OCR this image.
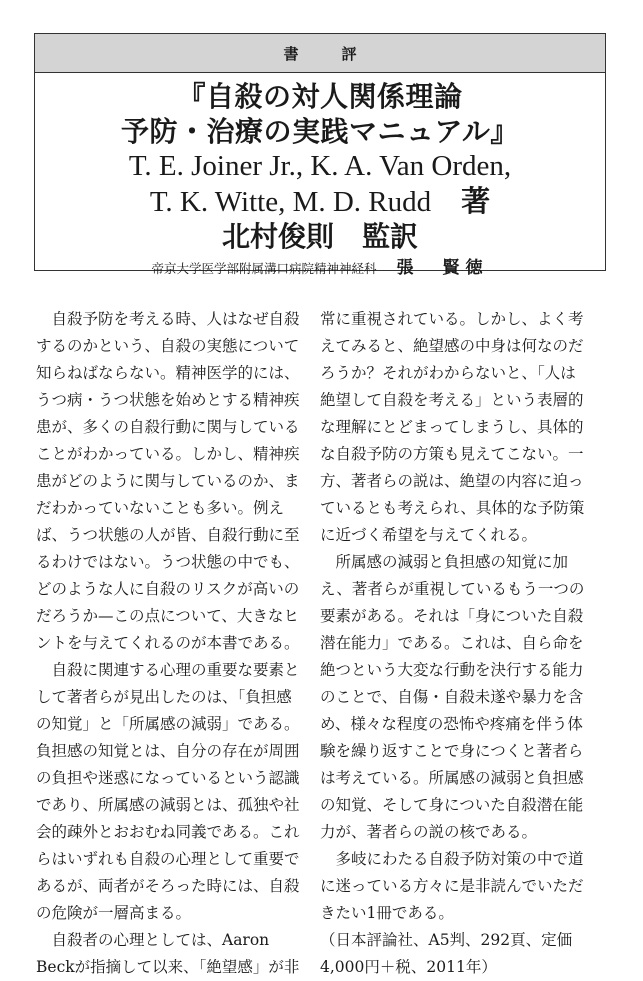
書　評
『自殺の対人関係理論
予防・治療の実践マニュアル』
T. E. Joiner Jr., K. A. Van Orden,
T. K. Witte, M. D. Rudd 著
北村俊則 監訳
帝京大学医学部附属溝口病院精神神経科 張　賢徳
　自殺予防を考える時、人はなぜ自殺
するのかという、自殺の実態について
知らねばならない。精神医学的には、
うつ病・うつ状態を始めとする精神疾
患が、多くの自殺行動に関与している
ことがわかっている。しかし、精神疾
患がどのように関与しているのか、ま
だわかっていないことも多い。例え
ば、うつ状態の人が皆、自殺行動に至
るわけではない。うつ状態の中でも、
どのような人に自殺のリスクが高いの
だろうか—この点について、大きなヒ
ントを与えてくれるのが本書である。
　自殺に関連する心理の重要な要素と
して著者らが見出したのは、「負担感
の知覚」と「所属感の減弱」である。
負担感の知覚とは、自分の存在が周囲
の負担や迷惑になっているという認識
であり、所属感の減弱とは、孤独や社
会的疎外とおおむね同義である。これ
らはいずれも自殺の心理として重要で
あるが、両者がそろった時には、自殺
の危険が一層高まる。
　自殺者の心理としては、Aaron
Beckが指摘して以来、「絶望感」が非
常に重視されている。しかし、よく考
えてみると、絶望感の中身は何なのだ
ろうか？それがわからないと、「人は
絶望して自殺を考える」という表層的
な理解にとどまってしまうし、具体的
な自殺予防の方策も見えてこない。一
方、著者らの説は、絶望の内容に迫っ
ているとも考えられ、具体的な予防策
に近づく希望を与えてくれる。
　所属感の減弱と負担感の知覚に加
え、著者らが重視しているもう一つの
要素がある。それは「身についた自殺
潜在能力」である。これは、自ら命を
絶つという大変な行動を決行する能力
のことで、自傷・自殺未遂や暴力を含
め、様々な程度の恐怖や疼痛を伴う体
験を繰り返すことで身につくと著者ら
は考えている。所属感の減弱と負担感
の知覚、そして身についた自殺潜在能
力が、著者らの説の核である。
　多岐にわたる自殺予防対策の中で道
に迷っている方々に是非読んでいただ
きたい1冊である。
（日本評論社、A5判、292頁、定価
4,000円＋税、2011年）
